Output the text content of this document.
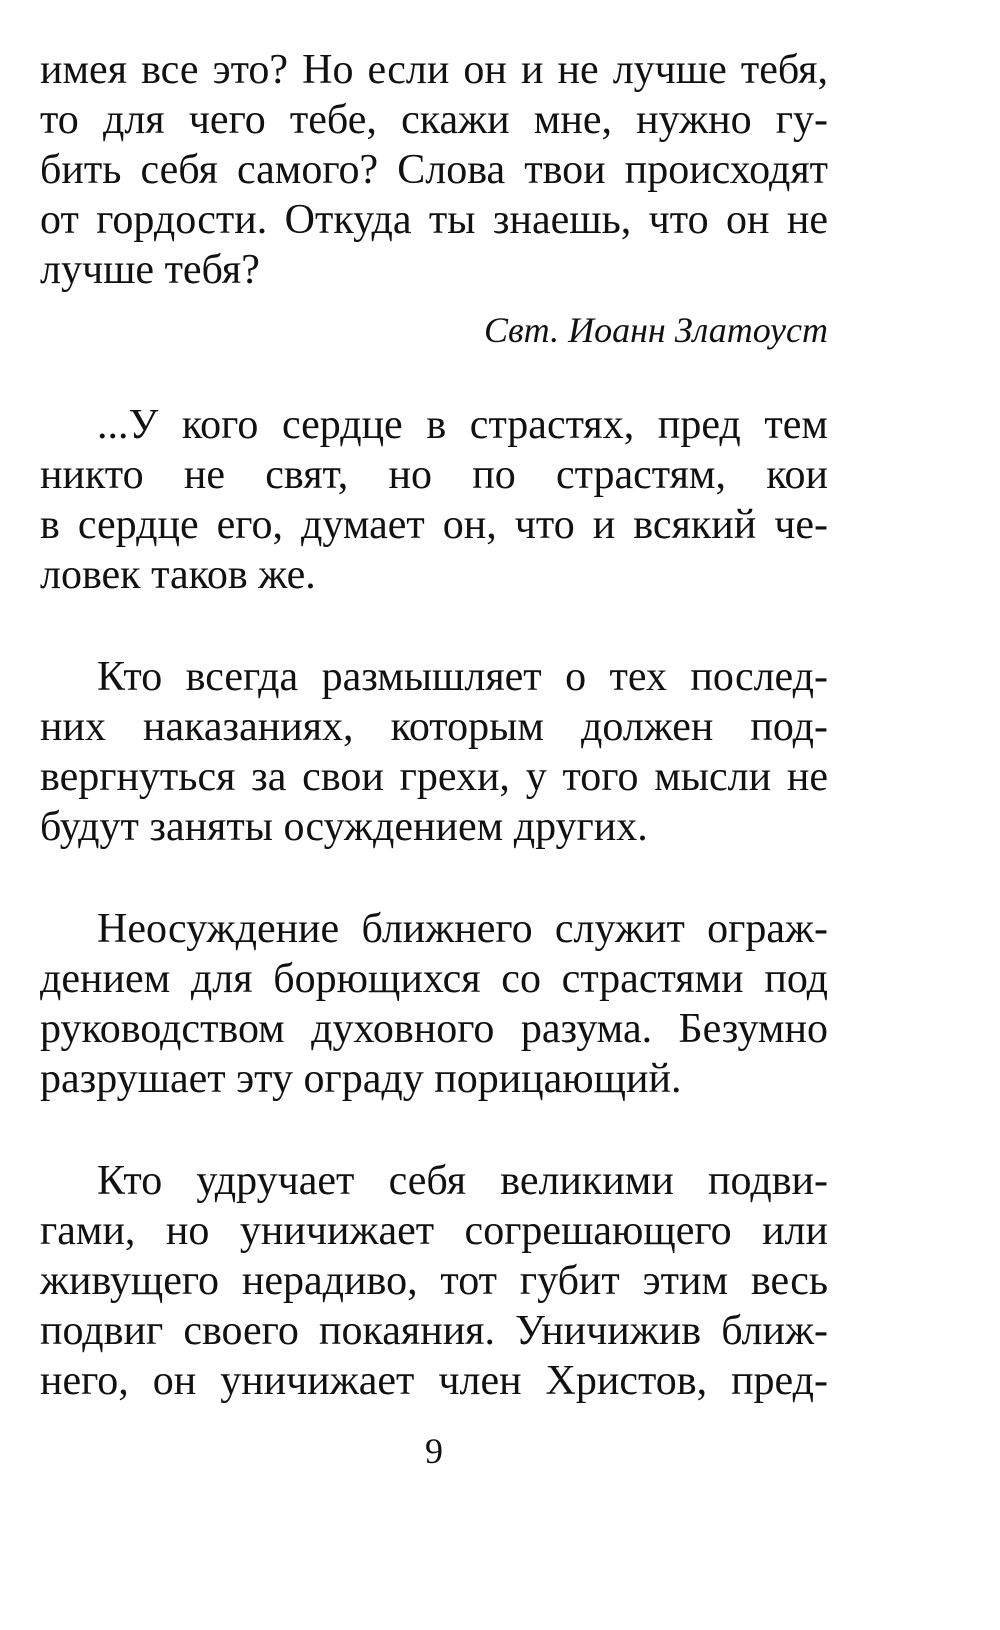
имея все это? Но если он и не лучше тебя,
то для чего тебе, скажи мне, нужно гу-
бить себя самого? Слова твои происходят
от гордости. Откуда ты знаешь, что он не
лучше тебя?
Свт. Иоанн Златоуст
...У кого сердце в страстях, пред тем
никто не свят, но по страстям, кои
в сердце его, думает он, что и всякий че-
ловек таков же.
Кто всегда размышляет о тех послед-
них наказаниях, которым должен под-
вергнуться за свои грехи, у того мысли не
будут заняты осуждением других.
Неосуждение ближнего служит ограж-
дением для борющихся со страстями под
руководством духовного разума. Безумно
разрушает эту ограду порицающий.
Кто удручает себя великими подви-
гами, но уничижает согрешающего или
живущего нерадиво, тот губит этим весь
подвиг своего покаяния. Уничижив ближ-
него, он уничижает член Христов, пред-
9
